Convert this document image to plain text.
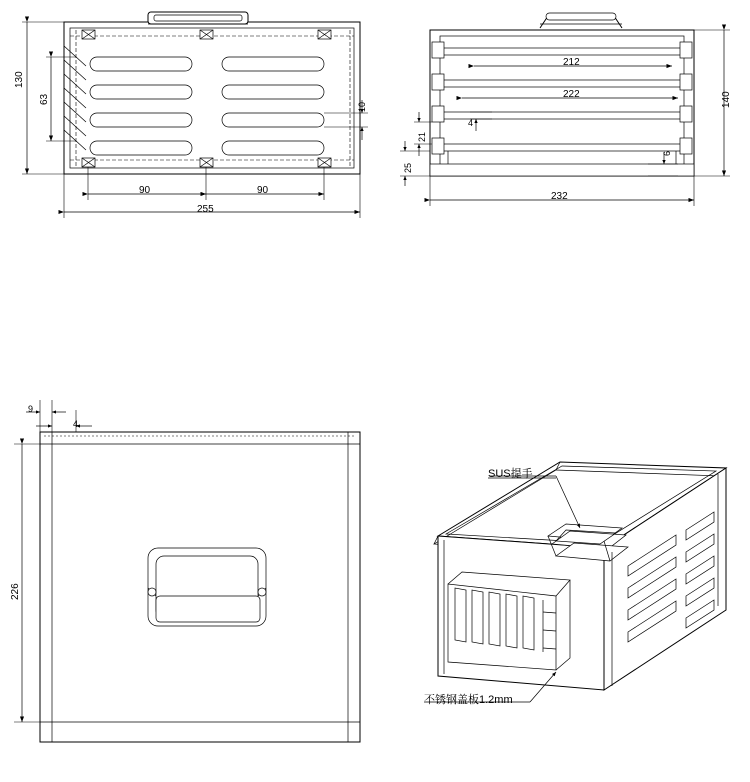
130
63
90	90
255
10
212
222
232
140
21
25
4
6
226
9
4
SUS提手
不锈钢盖板1.2mm
